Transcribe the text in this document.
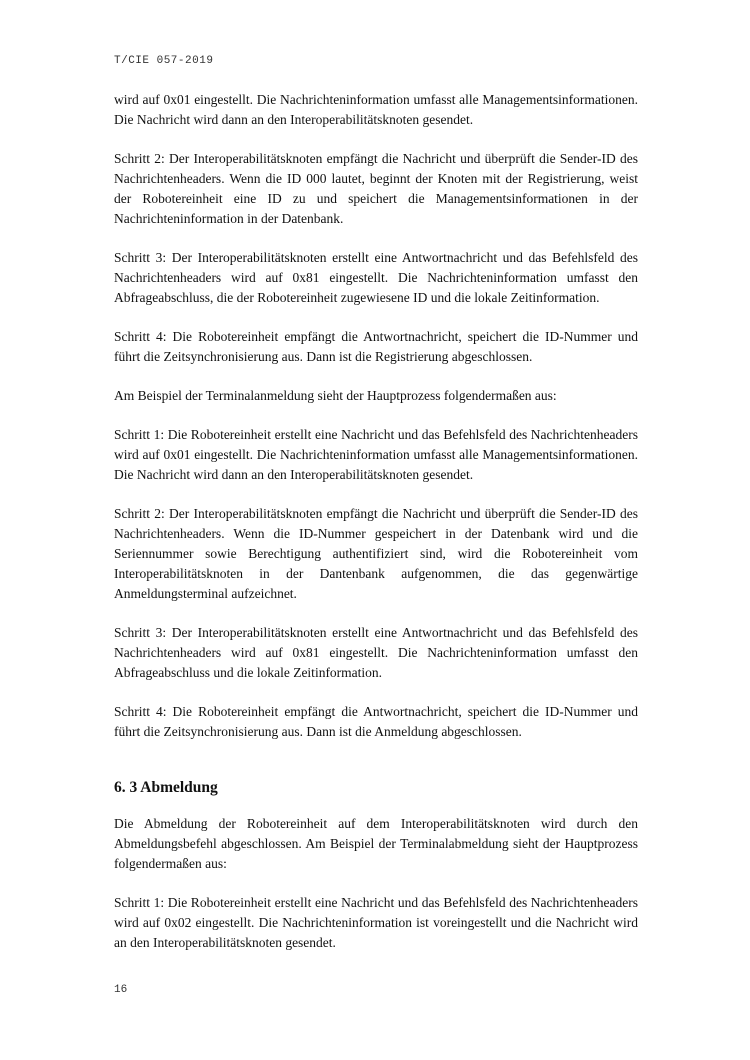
T/CIE 057-2019

wird auf 0x01 eingestellt. Die Nachrichteninformation umfasst alle Managementsinformationen. Die Nachricht wird dann an den Interoperabilitätsknoten gesendet.

Schritt 2: Der Interoperabilitätsknoten empfängt die Nachricht und überprüft die Sender-ID des Nachrichtenheaders. Wenn die ID 000 lautet, beginnt der Knoten mit der Registrierung, weist der Robotereinheit eine ID zu und speichert die Managementsinformationen in der Nachrichteninformation in der Datenbank.

Schritt 3: Der Interoperabilitätsknoten erstellt eine Antwortnachricht und das Befehlsfeld des Nachrichtenheaders wird auf 0x81 eingestellt. Die Nachrichteninformation umfasst den Abfrageabschluss, die der Robotereinheit zugewiesene ID und die lokale Zeitinformation.

Schritt 4: Die Robotereinheit empfängt die Antwortnachricht, speichert die ID-Nummer und führt die Zeitsynchronisierung aus. Dann ist die Registrierung abgeschlossen.

Am Beispiel der Terminalanmeldung sieht der Hauptprozess folgendermaßen aus:

Schritt 1: Die Robotereinheit erstellt eine Nachricht und das Befehlsfeld des Nachrichtenheaders wird auf 0x01 eingestellt. Die Nachrichteninformation umfasst alle Managementsinformationen. Die Nachricht wird dann an den Interoperabilitätsknoten gesendet.

Schritt 2: Der Interoperabilitätsknoten empfängt die Nachricht und überprüft die Sender-ID des Nachrichtenheaders. Wenn die ID-Nummer gespeichert in der Datenbank wird und die Seriennummer sowie Berechtigung authentifiziert sind, wird die Robotereinheit vom Interoperabilitätsknoten in der Dantenbank aufgenommen, die das gegenwärtige Anmeldungsterminal aufzeichnet.

Schritt 3: Der Interoperabilitätsknoten erstellt eine Antwortnachricht und das Befehlsfeld des Nachrichtenheaders wird auf 0x81 eingestellt. Die Nachrichteninformation umfasst den Abfrageabschluss und die lokale Zeitinformation.

Schritt 4: Die Robotereinheit empfängt die Antwortnachricht, speichert die ID-Nummer und führt die Zeitsynchronisierung aus. Dann ist die Anmeldung abgeschlossen.

6. 3 Abmeldung

Die Abmeldung der Robotereinheit auf dem Interoperabilitätsknoten wird durch den Abmeldungsbefehl abgeschlossen. Am Beispiel der Terminalabmeldung sieht der Hauptprozess folgendermaßen aus:

Schritt 1: Die Robotereinheit erstellt eine Nachricht und das Befehlsfeld des Nachrichtenheaders wird auf 0x02 eingestellt. Die Nachrichteninformation ist voreingestellt und die Nachricht wird an den Interoperabilitätsknoten gesendet.

16
